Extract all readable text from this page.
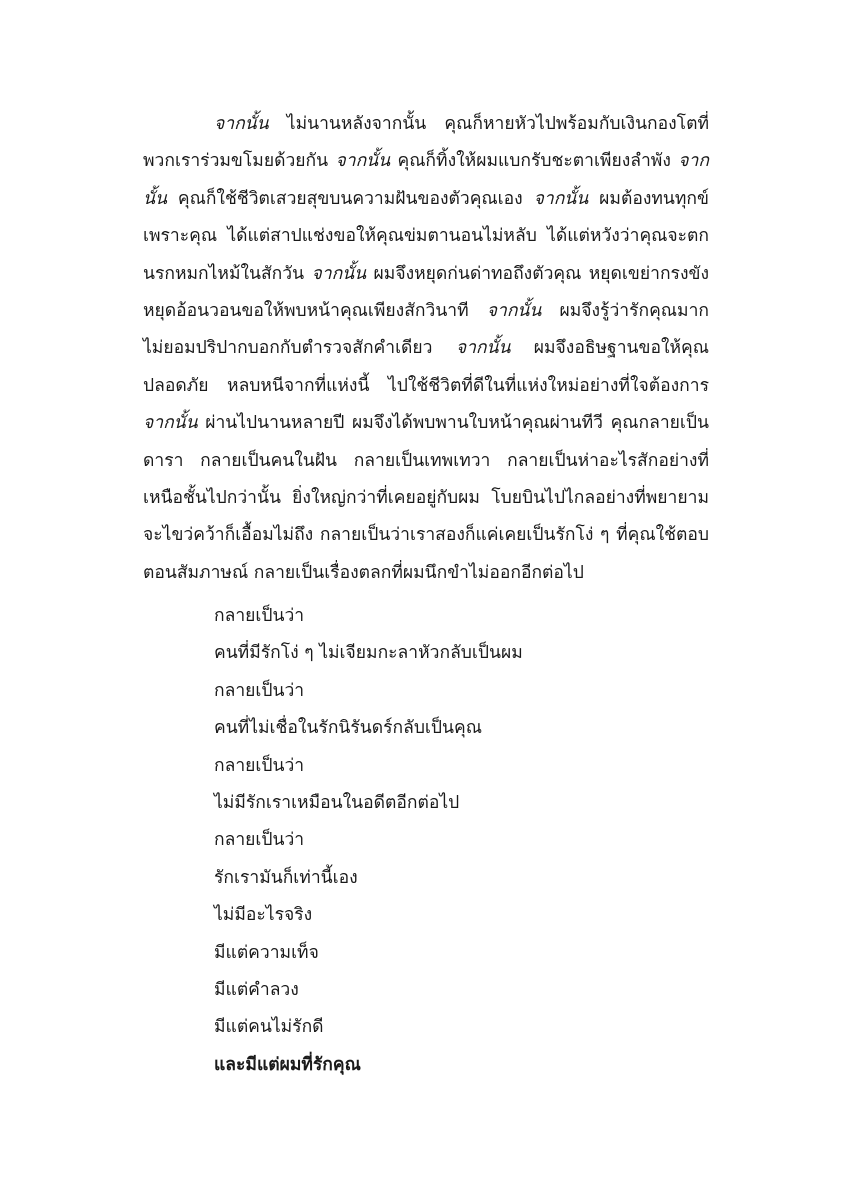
จากนั้น ไม่นานหลังจากนั้น คุณก็หายหัวไปพร้อมกับเงินกองโตที่พวกเราร่วมขโมยด้วยกัน จากนั้น คุณก็ทิ้งให้ผมแบกรับชะตาเพียงลำพัง จากนั้น คุณก็ใช้ชีวิตเสวยสุขบนความฝันของตัวคุณเอง จากนั้น ผมต้องทนทุกข์เพราะคุณ ได้แต่สาปแช่งขอให้คุณข่มตานอนไม่หลับ ได้แต่หวังว่าคุณจะตกนรกหมกไหม้ในสักวัน จากนั้น ผมจึงหยุดก่นด่าทอถึงตัวคุณ หยุดเขย่ากรงขัง หยุดอ้อนวอนขอให้พบหน้าคุณเพียงสักวินาที จากนั้น ผมจึงรู้ว่ารักคุณมาก ไม่ยอมปริปากบอกกับตำรวจสักคำเดียว จากนั้น ผมจึงอธิษฐานขอให้คุณปลอดภัย หลบหนีจากที่แห่งนี้ ไปใช้ชีวิตที่ดีในที่แห่งใหม่อย่างที่ใจต้องการ จากนั้น ผ่านไปนานหลายปี ผมจึงได้พบพานใบหน้าคุณผ่านทีวี คุณกลายเป็นดารา กลายเป็นคนในฝัน กลายเป็นเทพเทวา กลายเป็นห่าอะไรสักอย่างที่เหนือชั้นไปกว่านั้น ยิ่งใหญ่กว่าที่เคยอยู่กับผม โบยบินไปไกลอย่างที่พยายามจะไขว่คว้าก็เอื้อมไม่ถึง กลายเป็นว่าเราสองก็แค่เคยเป็นรักโง่ ๆ ที่คุณใช้ตอบตอนสัมภาษณ์ กลายเป็นเรื่องตลกที่ผมนึกขำไม่ออกอีกต่อไป

กลายเป็นว่า
คนที่มีรักโง่ ๆ ไม่เจียมกะลาหัวกลับเป็นผม
กลายเป็นว่า
คนที่ไม่เชื่อในรักนิรันดร์กลับเป็นคุณ
กลายเป็นว่า
ไม่มีรักเราเหมือนในอดีตอีกต่อไป
กลายเป็นว่า
รักเรามันก็เท่านี้เอง
ไม่มีอะไรจริง
มีแต่ความเท็จ
มีแต่คำลวง
มีแต่คนไม่รักดี
และมีแต่ผมที่รักคุณ
